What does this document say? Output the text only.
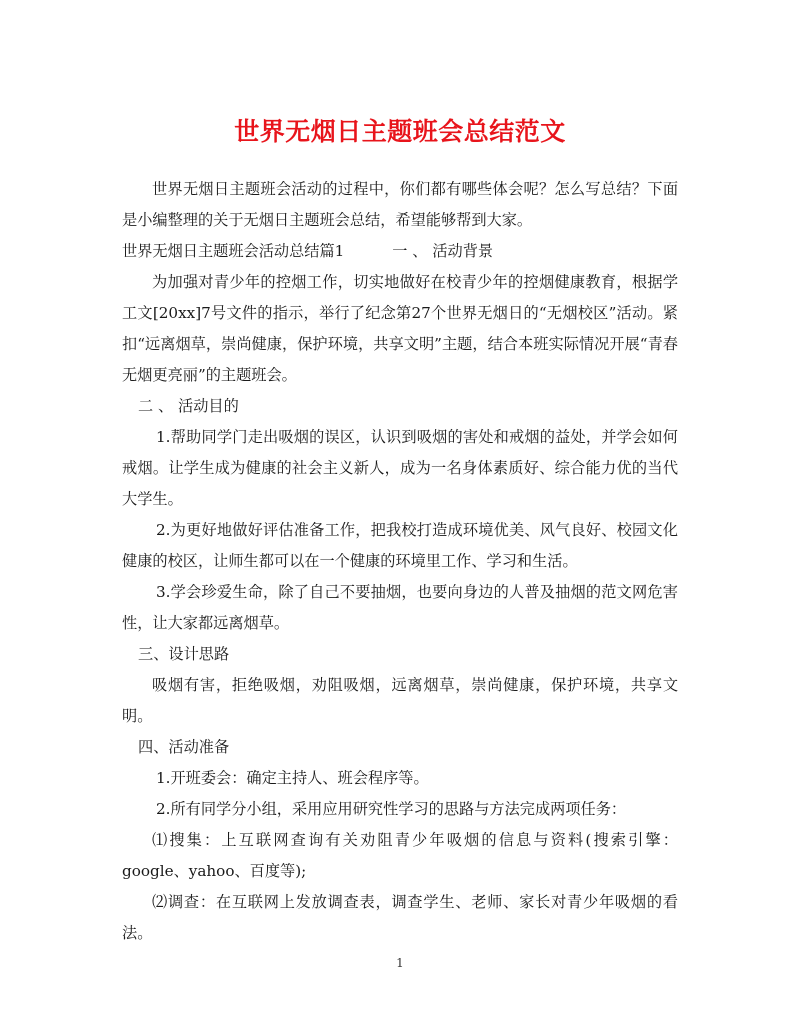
世界无烟日主题班会总结范文

世界无烟日主题班会活动的过程中，你们都有哪些体会呢？怎么写总结？下面是小编整理的关于无烟日主题班会总结，希望能够帮到大家。

世界无烟日主题班会活动总结篇1	一 、 活动背景

为加强对青少年的控烟工作，切实地做好在校青少年的控烟健康教育，根据学工文[20xx]7号文件的指示，举行了纪念第27个世界无烟日的“无烟校区”活动。紧扣“远离烟草，崇尚健康，保护环境，共享文明”主题，结合本班实际情况开展“青春无烟更亮丽”的主题班会。

二 、 活动目的

1.帮助同学门走出吸烟的误区，认识到吸烟的害处和戒烟的益处，并学会如何戒烟。让学生成为健康的社会主义新人，成为一名身体素质好、综合能力优的当代大学生。

2.为更好地做好评估准备工作，把我校打造成环境优美、风气良好、校园文化健康的校区，让师生都可以在一个健康的环境里工作、学习和生活。

3.学会珍爱生命，除了自己不要抽烟，也要向身边的人普及抽烟的范文网危害性，让大家都远离烟草。

三、设计思路

吸烟有害，拒绝吸烟，劝阻吸烟，远离烟草，崇尚健康，保护环境，共享文明。

四、活动准备

1.开班委会：确定主持人、班会程序等。

2.所有同学分小组，采用应用研究性学习的思路与方法完成两项任务：

⑴搜集：上互联网查询有关劝阻青少年吸烟的信息与资料(搜索引擎：google、yahoo、百度等);

⑵调查：在互联网上发放调查表，调查学生、老师、家长对青少年吸烟的看法。

1
